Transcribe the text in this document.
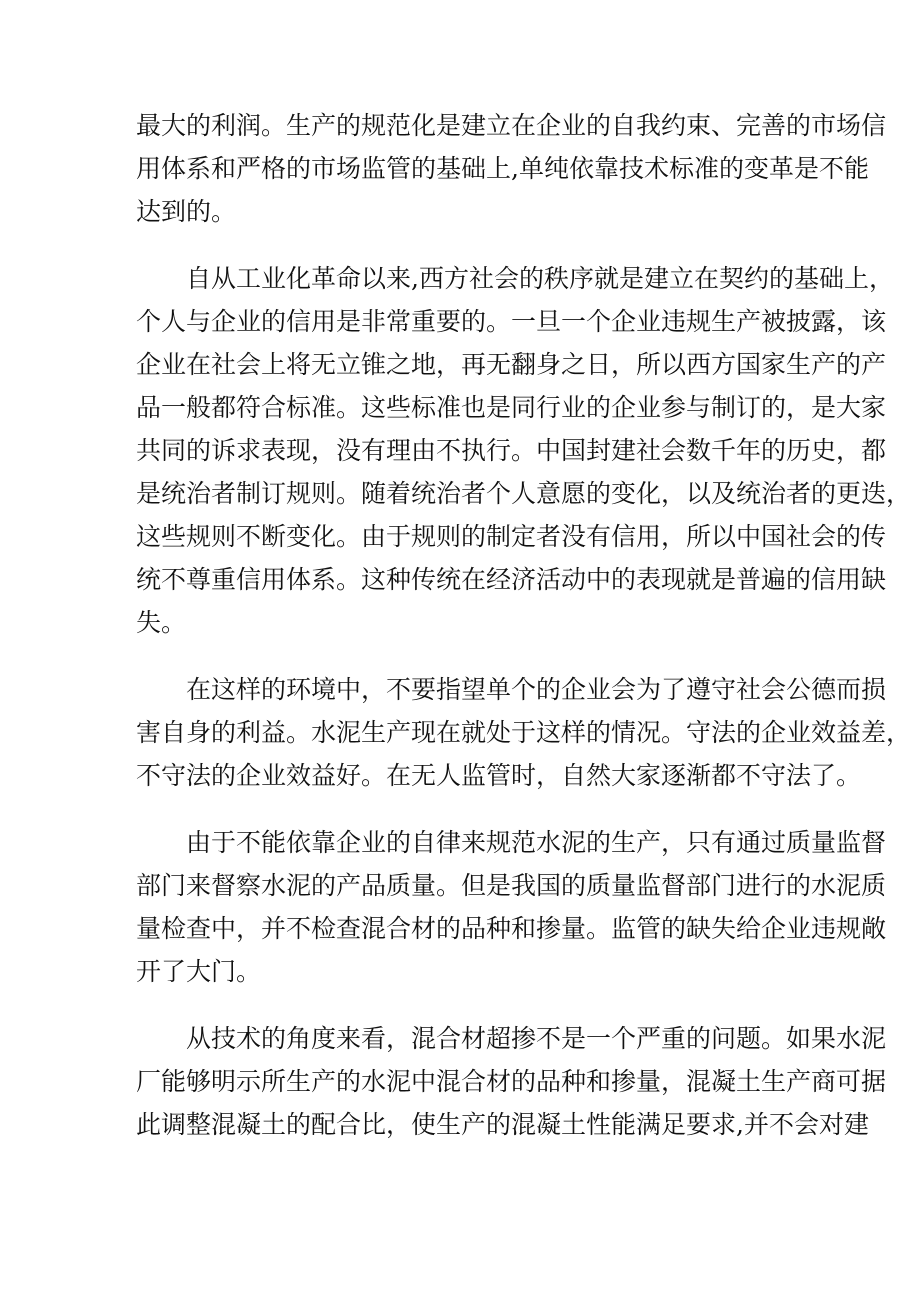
最大的利润。生产的规范化是建立在企业的自我约束、完善的市场信
用体系和严格的市场监管的基础上,单纯依靠技术标准的变革是不能
达到的。

自从工业化革命以来,西方社会的秩序就是建立在契约的基础上，
个人与企业的信用是非常重要的。一旦一个企业违规生产被披露，该
企业在社会上将无立锥之地，再无翻身之日，所以西方国家生产的产
品一般都符合标准。这些标准也是同行业的企业参与制订的，是大家
共同的诉求表现，没有理由不执行。中国封建社会数千年的历史，都
是统治者制订规则。随着统治者个人意愿的变化，以及统治者的更迭，
这些规则不断变化。由于规则的制定者没有信用，所以中国社会的传
统不尊重信用体系。这种传统在经济活动中的表现就是普遍的信用缺
失。

在这样的环境中，不要指望单个的企业会为了遵守社会公德而损
害自身的利益。水泥生产现在就处于这样的情况。守法的企业效益差，
不守法的企业效益好。在无人监管时，自然大家逐渐都不守法了。

由于不能依靠企业的自律来规范水泥的生产，只有通过质量监督
部门来督察水泥的产品质量。但是我国的质量监督部门进行的水泥质
量检查中，并不检查混合材的品种和掺量。监管的缺失给企业违规敞
开了大门。

从技术的角度来看，混合材超掺不是一个严重的问题。如果水泥
厂能够明示所生产的水泥中混合材的品种和掺量，混凝土生产商可据
此调整混凝土的配合比，使生产的混凝土性能满足要求,并不会对建
